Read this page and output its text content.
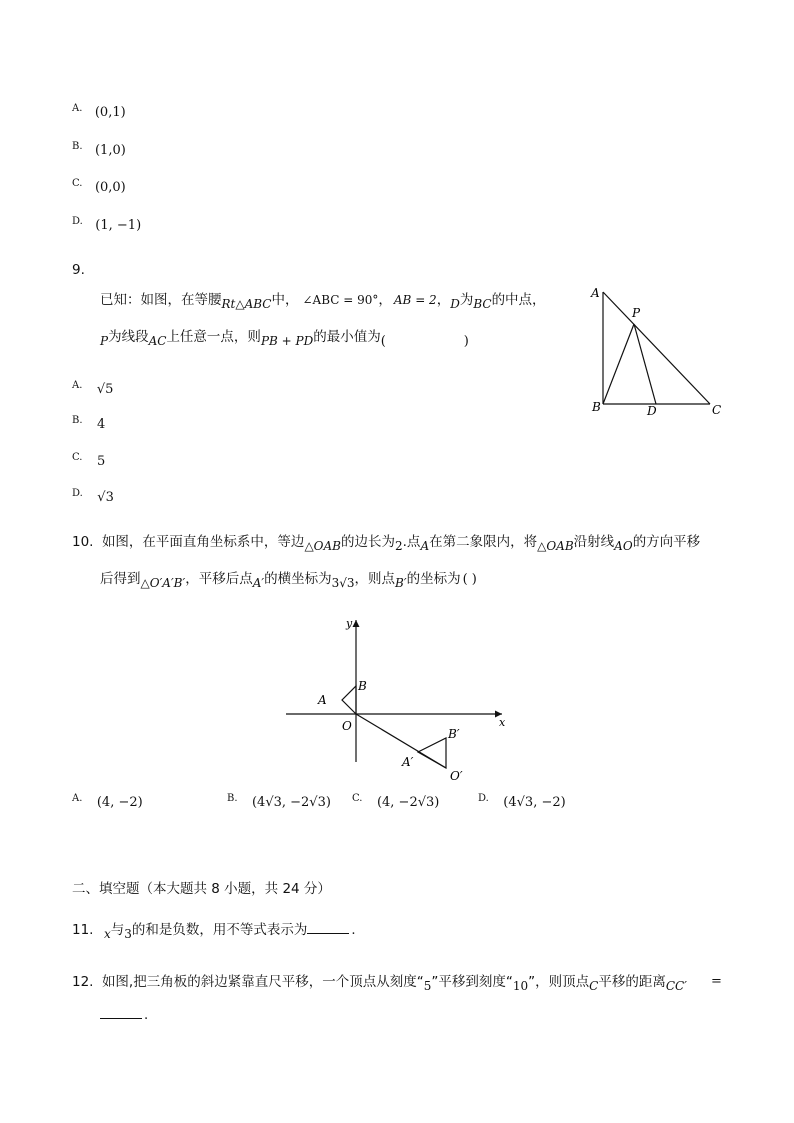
A. (0,1)
B. (1,0)
C. (0,0)
D. (1, −1)
9.
已知：如图，在等腰Rt△ABC中， ∠ABC = 90°， AB = 2，D为BC的中点，
P为线段AC上任意一点，则PB + PD的最小值为(	)
A
P
B	D	C
A. √5
B. 4
C. 5
D. √3
10. 如图，在平面直角坐标系中，等边△OAB的边长为2.点A在第二象限内，将△OAB沿射线AO的方向平移
后得到△O′A′B′，平移后点A′的横坐标为3√3，则点B′的坐标为 ( )
x
y
A
B
O
A′
B′
O′
A. (4, −2)	B. (4√3, −2√3) C. (4, −2√3)	D. (4√3, −2)
二、填空题（本大题共 8 小题，共 24 分）
11. x与3的和是负数，用不等式表示为	.
12. 如图,把三角板的斜边紧靠直尺平移，一个顶点从刻度“5”平移到刻度“10”，则顶点C平移的距离CC′ =
.
